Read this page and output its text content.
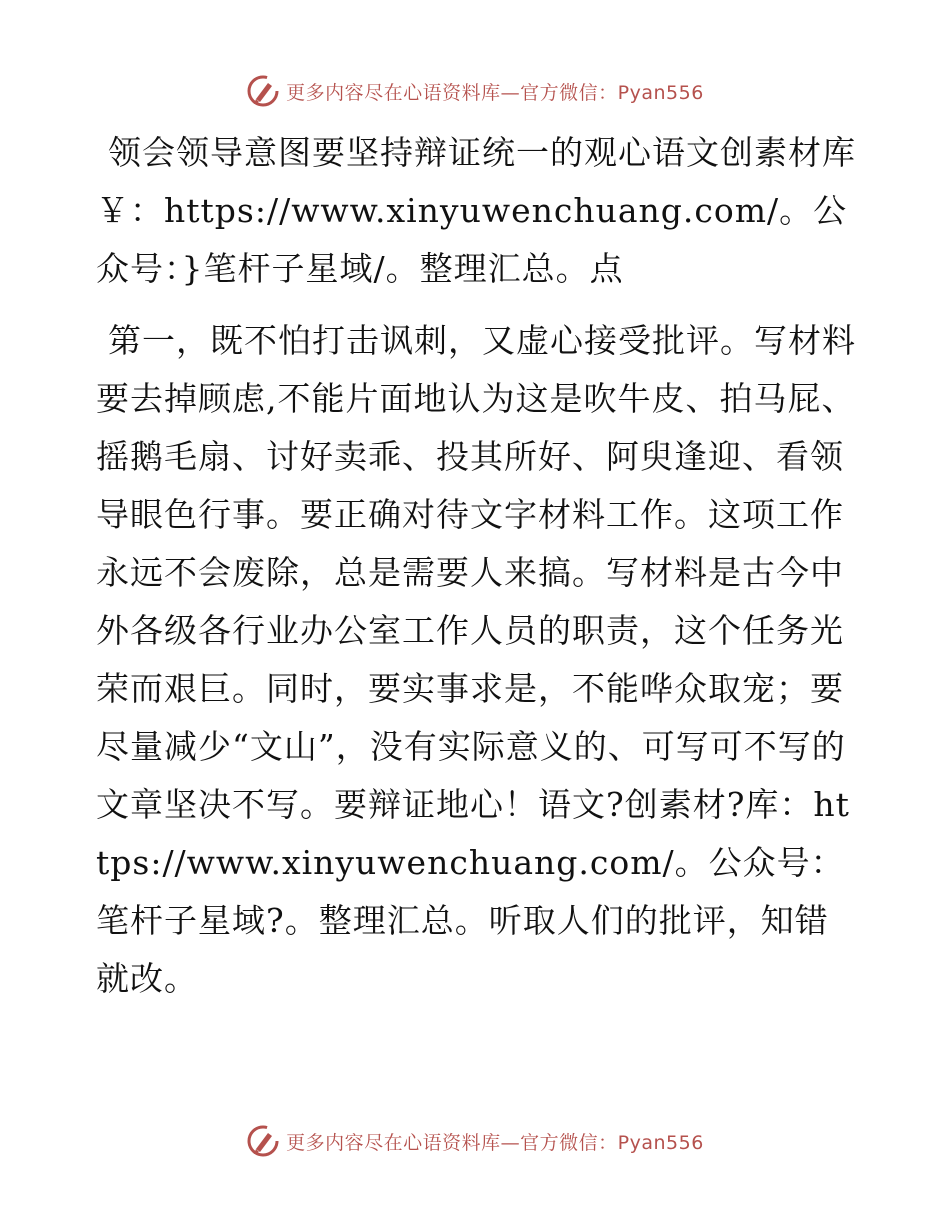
更多内容尽在心语资料库—官方微信：Pyan556

领会领导意图要坚持辩证统一的观心语文创素材库￥：https://www.xinyuwenchuang.com/。公众号：}笔杆子星域/。整理汇总。点

第一，既不怕打击讽刺，又虚心接受批评。写材料要去掉顾虑,不能片面地认为这是吹牛皮、拍马屁、摇鹅毛扇、讨好卖乖、投其所好、阿臾逢迎、看领导眼色行事。要正确对待文字材料工作。这项工作永远不会废除，总是需要人来搞。写材料是古今中外各级各行业办公室工作人员的职责，这个任务光荣而艰巨。同时，要实事求是，不能哗众取宠；要尽量减少“文山”，没有实际意义的、可写可不写的文章坚决不写。要辩证地心！语文?创素材?库：https://www.xinyuwenchuang.com/。公众号：笔杆子星域?。整理汇总。听取人们的批评，知错就改。

更多内容尽在心语资料库—官方微信：Pyan556
